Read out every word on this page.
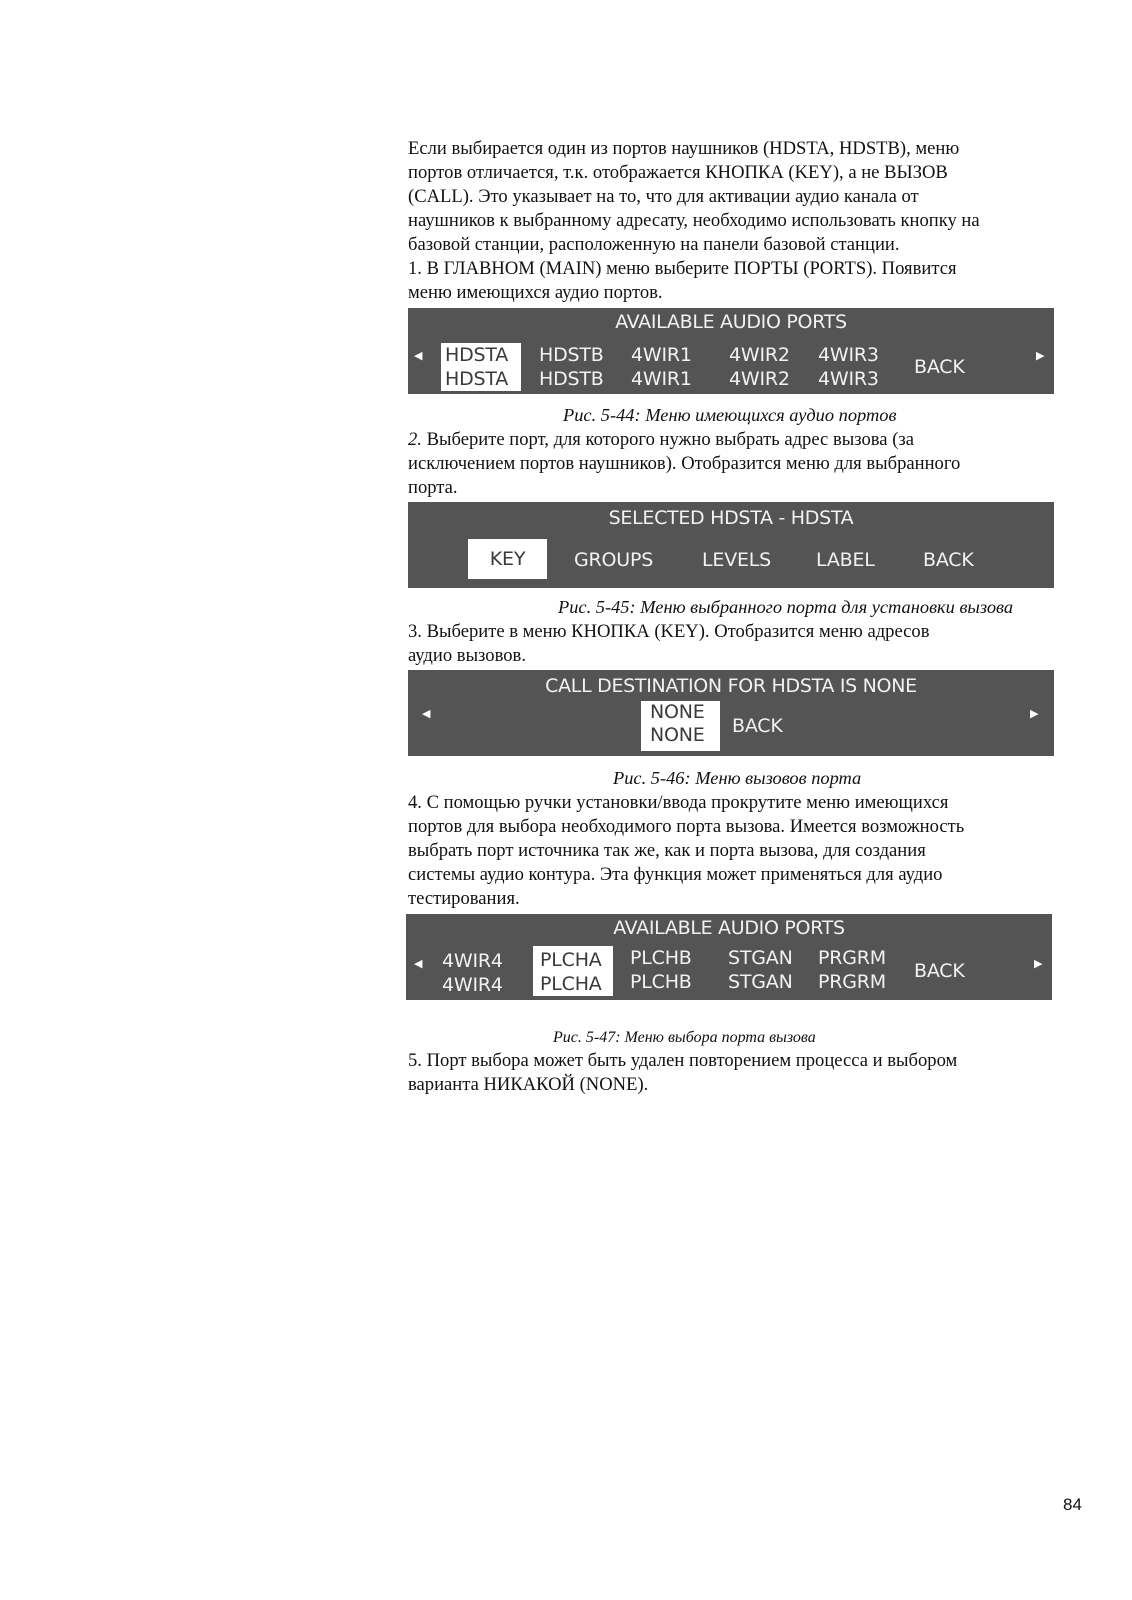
Если выбирается один из портов наушников (HDSTA, HDSTB), меню

портов отличается, т.к. отображается КНОПКА (KEY), а не ВЫЗОВ

(CALL). Это указывает на то, что для активации аудио канала от

наушников к выбранному адресату, необходимо использовать кнопку на

базовой станции, расположенную на панели базовой станции.

1. В ГЛАВНОМ (MAIN) меню выберите ПОРТЫ (PORTS). Появится

меню имеющихся аудио портов.

AVAILABLE AUDIO PORTS
◀ HDSTA
HDSTA
HDSTB
HDSTB
4WIR1
4WIR1
4WIR2
4WIR2
4WIR3
4WIR3
BACK
▶
Рис. 5-44: Меню имеющихся аудио портов

2. Выберите порт, для которого нужно выбрать адрес вызова (за

исключением портов наушников). Отобразится меню для выбранного

порта.

SELECTED HDSTA - HDSTA
KEY	GROUPS	LEVELS LABEL	BACK
Рис. 5-45: Меню выбранного порта для установки вызова

3. Выберите в меню КНОПКА (KEY). Отобразится меню адресов

аудио вызовов.

CALL DESTINATION FOR HDSTA IS NONE
◀	NONE
NONE	BACK
▶
Рис. 5-46: Меню вызовов порта

4. С помощью ручки установки/ввода прокрутите меню имеющихся

портов для выбора необходимого порта вызова. Имеется возможность

выбрать порт источника так же, как и порта вызова, для создания

системы аудио контура. Эта функция может применяться для аудио

тестирования.

AVAILABLE AUDIO PORTS
◀ 4WIR4
4WIR4
PLCHA
PLCHA
PLCHB
PLCHB
STGAN
STGAN
PRGRM
PRGRM BACK	▶
Рис. 5-47: Меню выбора порта вызова

5. Порт выбора может быть удален повторением процесса и выбором

варианта НИКАКОЙ (NONE).

84
